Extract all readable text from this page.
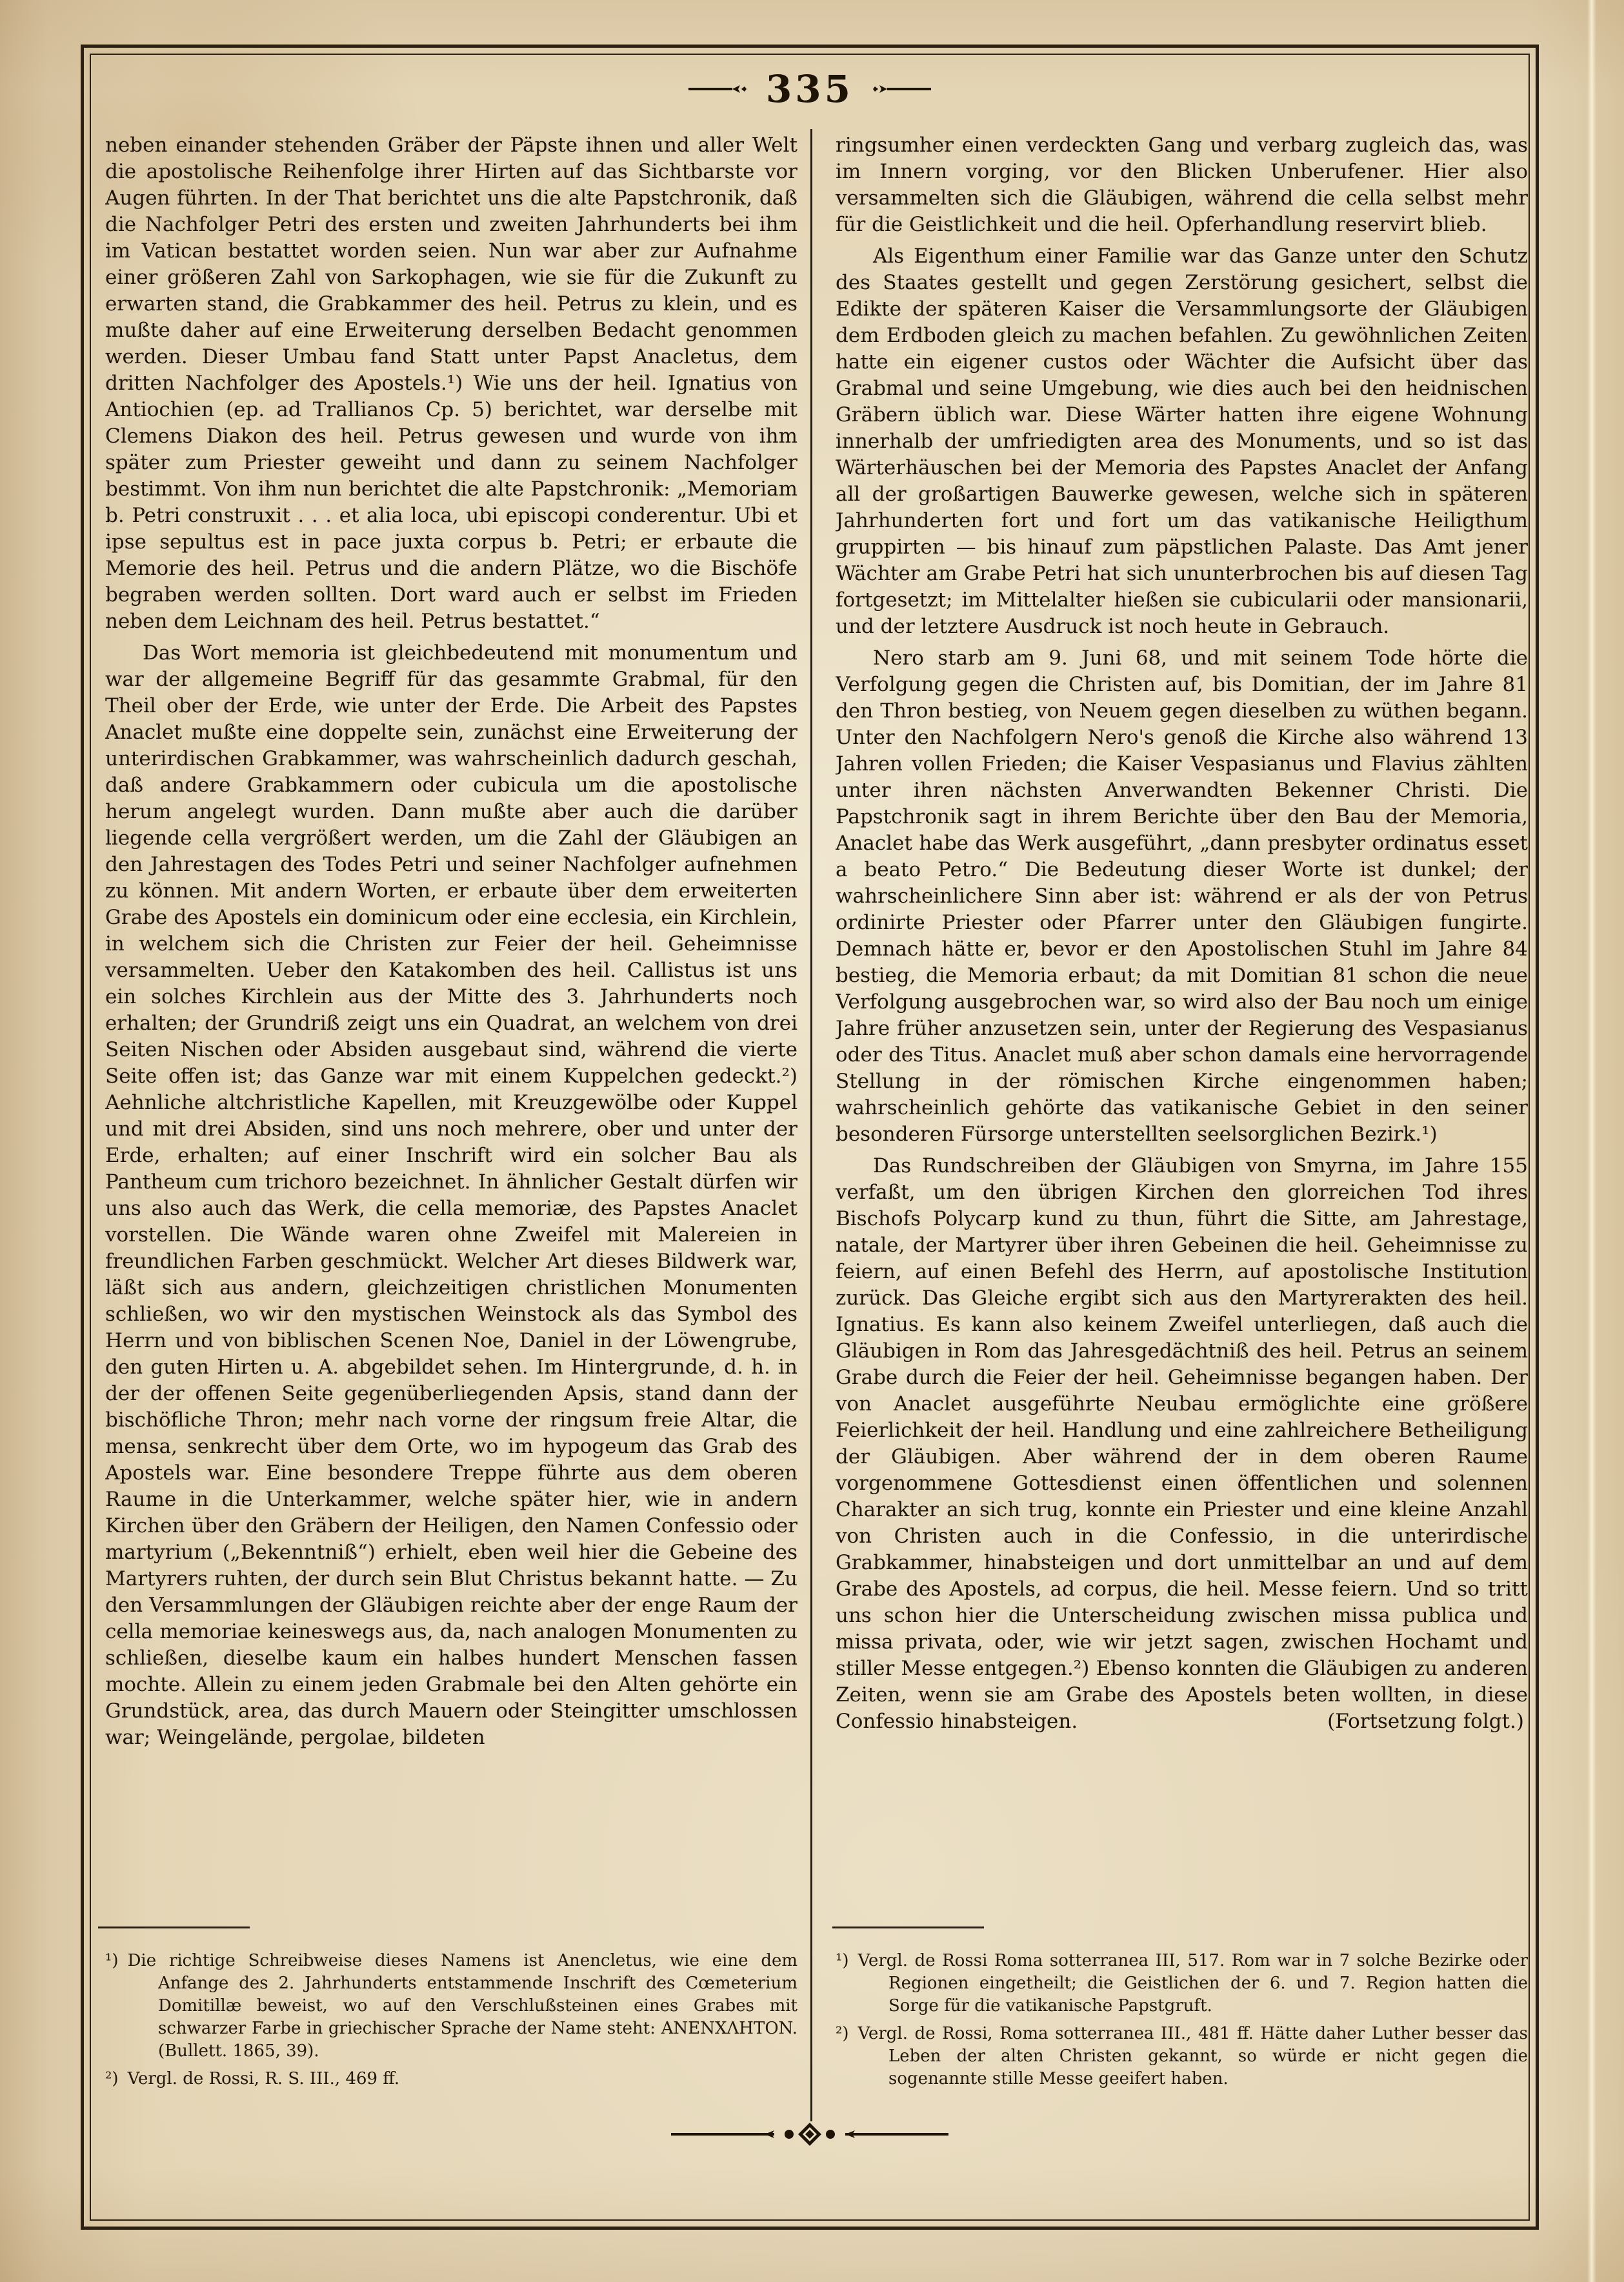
335

neben einander stehenden Gräber der Päpste ihnen und aller Welt die apostolische Reihenfolge ihrer Hirten auf das Sichtbarste vor Augen führten. In der That berichtet uns die alte Papstchronik, daß die Nachfolger Petri des ersten und zweiten Jahrhunderts bei ihm im Vatican bestattet worden seien. Nun war aber zur Aufnahme einer größeren Zahl von Sarkophagen, wie sie für die Zukunft zu erwarten stand, die Grabkammer des heil. Petrus zu klein, und es mußte daher auf eine Erweiterung derselben Bedacht genommen werden. Dieser Umbau fand Statt unter Papst Anacletus, dem dritten Nachfolger des Apostels.¹) Wie uns der heil. Ignatius von Antiochien (ep. ad Trallianos Cp. 5) berichtet, war derselbe mit Clemens Diakon des heil. Petrus gewesen und wurde von ihm später zum Priester geweiht und dann zu seinem Nachfolger bestimmt. Von ihm nun berichtet die alte Papstchronik: „Memoriam b. Petri construxit . . . et alia loca, ubi episcopi conderentur. Ubi et ipse sepultus est in pace juxta corpus b. Petri; er erbaute die Memorie des heil. Petrus und die andern Plätze, wo die Bischöfe begraben werden sollten. Dort ward auch er selbst im Frieden neben dem Leichnam des heil. Petrus bestattet.“

Das Wort memoria ist gleichbedeutend mit monumentum und war der allgemeine Begriff für das gesammte Grabmal, für den Theil ober der Erde, wie unter der Erde. Die Arbeit des Papstes Anaclet mußte eine doppelte sein, zunächst eine Erweiterung der unterirdischen Grabkammer, was wahrscheinlich dadurch geschah, daß andere Grabkammern oder cubicula um die apostolische herum angelegt wurden. Dann mußte aber auch die darüber liegende cella vergrößert werden, um die Zahl der Gläubigen an den Jahrestagen des Todes Petri und seiner Nachfolger aufnehmen zu können. Mit andern Worten, er erbaute über dem erweiterten Grabe des Apostels ein dominicum oder eine ecclesia, ein Kirchlein, in welchem sich die Christen zur Feier der heil. Geheimnisse versammelten. Ueber den Katakomben des heil. Callistus ist uns ein solches Kirchlein aus der Mitte des 3. Jahrhunderts noch erhalten; der Grundriß zeigt uns ein Quadrat, an welchem von drei Seiten Nischen oder Absiden ausgebaut sind, während die vierte Seite offen ist; das Ganze war mit einem Kuppelchen gedeckt.²) Aehnliche altchristliche Kapellen, mit Kreuzgewölbe oder Kuppel und mit drei Absiden, sind uns noch mehrere, ober und unter der Erde, erhalten; auf einer Inschrift wird ein solcher Bau als Pantheum cum trichoro bezeichnet. In ähnlicher Gestalt dürfen wir uns also auch das Werk, die cella memoriæ, des Papstes Anaclet vorstellen. Die Wände waren ohne Zweifel mit Malereien in freundlichen Farben geschmückt. Welcher Art dieses Bildwerk war, läßt sich aus andern, gleichzeitigen christlichen Monumenten schließen, wo wir den mystischen Weinstock als das Symbol des Herrn und von biblischen Scenen Noe, Daniel in der Löwengrube, den guten Hirten u. A. abgebildet sehen. Im Hintergrunde, d. h. in der der offenen Seite gegenüberliegenden Apsis, stand dann der bischöfliche Thron; mehr nach vorne der ringsum freie Altar, die mensa, senkrecht über dem Orte, wo im hypogeum das Grab des Apostels war. Eine besondere Treppe führte aus dem oberen Raume in die Unterkammer, welche später hier, wie in andern Kirchen über den Gräbern der Heiligen, den Namen Confessio oder martyrium („Bekenntniß“) erhielt, eben weil hier die Gebeine des Martyrers ruhten, der durch sein Blut Christus bekannt hatte. — Zu den Versammlungen der Gläubigen reichte aber der enge Raum der cella memoriae keineswegs aus, da, nach analogen Monumenten zu schließen, dieselbe kaum ein halbes hundert Menschen fassen mochte. Allein zu einem jeden Grabmale bei den Alten gehörte ein Grundstück, area, das durch Mauern oder Steingitter umschlossen war; Weingelände, pergolae, bildeten

ringsumher einen verdeckten Gang und verbarg zugleich das, was im Innern vorging, vor den Blicken Unberufener. Hier also versammelten sich die Gläubigen, während die cella selbst mehr für die Geistlichkeit und die heil. Opferhandlung reservirt blieb.

Als Eigenthum einer Familie war das Ganze unter den Schutz des Staates gestellt und gegen Zerstörung gesichert, selbst die Edikte der späteren Kaiser die Versammlungsorte der Gläubigen dem Erdboden gleich zu machen befahlen. Zu gewöhnlichen Zeiten hatte ein eigener custos oder Wächter die Aufsicht über das Grabmal und seine Umgebung, wie dies auch bei den heidnischen Gräbern üblich war. Diese Wärter hatten ihre eigene Wohnung innerhalb der umfriedigten area des Monuments, und so ist das Wärterhäuschen bei der Memoria des Papstes Anaclet der Anfang all der großartigen Bauwerke gewesen, welche sich in späteren Jahrhunderten fort und fort um das vatikanische Heiligthum gruppirten — bis hinauf zum päpstlichen Palaste. Das Amt jener Wächter am Grabe Petri hat sich ununterbrochen bis auf diesen Tag fortgesetzt; im Mittelalter hießen sie cubicularii oder mansionarii, und der letztere Ausdruck ist noch heute in Gebrauch.

Nero starb am 9. Juni 68, und mit seinem Tode hörte die Verfolgung gegen die Christen auf, bis Domitian, der im Jahre 81 den Thron bestieg, von Neuem gegen dieselben zu wüthen begann. Unter den Nachfolgern Nero's genoß die Kirche also während 13 Jahren vollen Frieden; die Kaiser Vespasianus und Flavius zählten unter ihren nächsten Anverwandten Bekenner Christi. Die Papstchronik sagt in ihrem Berichte über den Bau der Memoria, Anaclet habe das Werk ausgeführt, „dann presbyter ordinatus esset a beato Petro.“ Die Bedeutung dieser Worte ist dunkel; der wahrscheinlichere Sinn aber ist: während er als der von Petrus ordinirte Priester oder Pfarrer unter den Gläubigen fungirte. Demnach hätte er, bevor er den Apostolischen Stuhl im Jahre 84 bestieg, die Memoria erbaut; da mit Domitian 81 schon die neue Verfolgung ausgebrochen war, so wird also der Bau noch um einige Jahre früher anzusetzen sein, unter der Regierung des Vespasianus oder des Titus. Anaclet muß aber schon damals eine hervorragende Stellung in der römischen Kirche eingenommen haben; wahrscheinlich gehörte das vatikanische Gebiet in den seiner besonderen Fürsorge unterstellten seelsorglichen Bezirk.¹)

Das Rundschreiben der Gläubigen von Smyrna, im Jahre 155 verfaßt, um den übrigen Kirchen den glorreichen Tod ihres Bischofs Polycarp kund zu thun, führt die Sitte, am Jahrestage, natale, der Martyrer über ihren Gebeinen die heil. Geheimnisse zu feiern, auf einen Befehl des Herrn, auf apostolische Institution zurück. Das Gleiche ergibt sich aus den Martyrerakten des heil. Ignatius. Es kann also keinem Zweifel unterliegen, daß auch die Gläubigen in Rom das Jahresgedächtniß des heil. Petrus an seinem Grabe durch die Feier der heil. Geheimnisse begangen haben. Der von Anaclet ausgeführte Neubau ermöglichte eine größere Feierlichkeit der heil. Handlung und eine zahlreichere Betheiligung der Gläubigen. Aber während der in dem oberen Raume vorgenommene Gottesdienst einen öffentlichen und solennen Charakter an sich trug, konnte ein Priester und eine kleine Anzahl von Christen auch in die Confessio, in die unterirdische Grabkammer, hinabsteigen und dort unmittelbar an und auf dem Grabe des Apostels, ad corpus, die heil. Messe feiern. Und so tritt uns schon hier die Unterscheidung zwischen missa publica und missa privata, oder, wie wir jetzt sagen, zwischen Hochamt und stiller Messe entgegen.²) Ebenso konnten die Gläubigen zu anderen Zeiten, wenn sie am Grabe des Apostels beten wollten, in diese Confessio hinabsteigen.	(Fortsetzung folgt.)

¹) Die richtige Schreibweise dieses Namens ist Anencletus, wie eine dem Anfange des 2. Jahrhunderts entstammende Inschrift des Cœmeterium Domitillæ beweist, wo auf den Verschlußsteinen eines Grabes mit schwarzer Farbe in griechischer Sprache der Name steht: ANENXΛHTON. (Bullett. 1865, 39).

²) Vergl. de Rossi, R. S. III., 469 ff.

¹) Vergl. de Rossi Roma sotterranea III, 517. Rom war in 7 solche Bezirke oder Regionen eingetheilt; die Geistlichen der 6. und 7. Region hatten die Sorge für die vatikanische Papstgruft.

²) Vergl. de Rossi, Roma sotterranea III., 481 ff. Hätte daher Luther besser das Leben der alten Christen gekannt, so würde er nicht gegen die sogenannte stille Messe geeifert haben.
